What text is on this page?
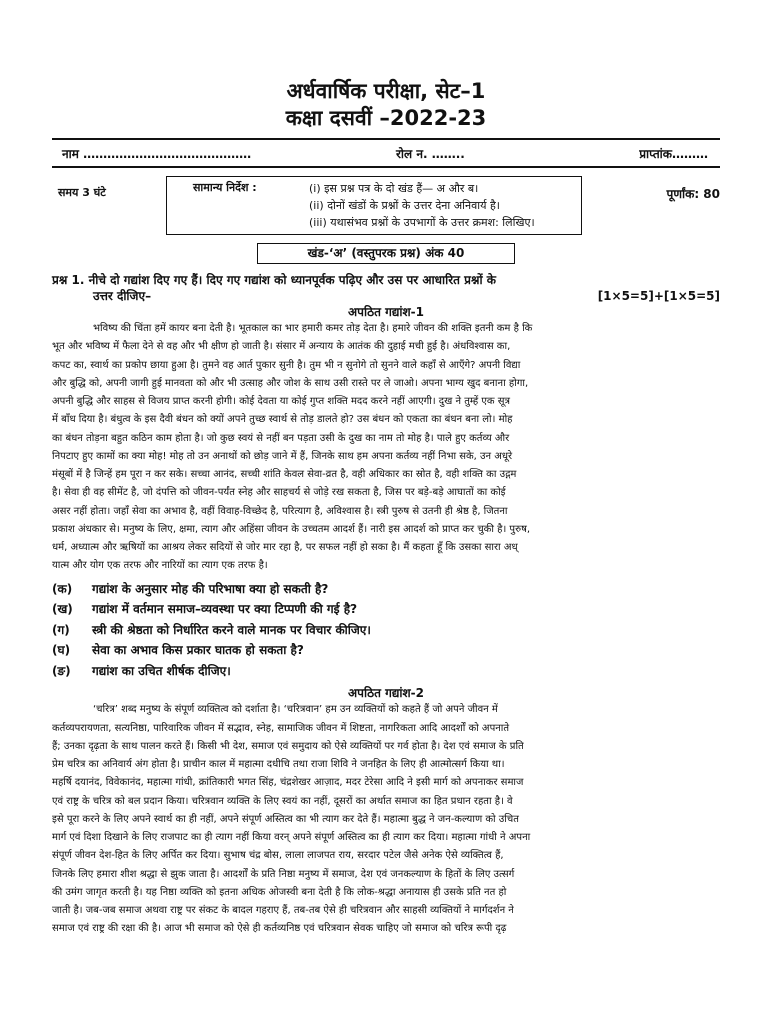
अर्धवार्षिक परीक्षा, सेट–1
कक्षा दसवीं –2022-23
नाम ……………………………………	रोल न. ……..	प्राप्तांक………
समय 3 घंटे	सामान्य निर्देश :	(i) इस प्रश्न पत्र के दो खंड हैं— अ और ब।
(ii) दोनों खंडों के प्रश्नों के उत्तर देना अनिवार्य है।
(iii) यथासंभव प्रश्नों के उपभागों के उत्तर क्रमश: लिखिए।
पूर्णांक: 80
खंड-‘अ’ (वस्तुपरक प्रश्न) अंक 40
प्रश्न 1. नीचे दो गद्यांश दिए गए हैं। दिए गए गद्यांश को ध्यानपूर्वक पढ़िए और उस पर आधारित प्रश्नों के
उत्तर दीजिए–	[1×5=5]+[1×5=5]
अपठित गद्यांश-1
भविष्य की चिंता हमें कायर बना देती है। भूतकाल का भार हमारी कमर तोड़ देता है। हमारे जीवन की शक्ति इतनी कम है कि
भूत और भविष्य में फैला देने से वह और भी क्षीण हो जाती है। संसार में अन्याय के आतंक की दुहाई मची हुई है। अंधविश्वास का,
कपट का, स्वार्थ का प्रकोप छाया हुआ है। तुमने वह आर्त पुकार सुनी है। तुम भी न सुनोगे तो सुनने वाले कहाँ से आएँगे? अपनी विद्या
और बुद्धि को, अपनी जागी हुई मानवता को और भी उत्साह और जोश के साथ उसी रास्ते पर ले जाओ। अपना भाग्य खुद बनाना होगा,
अपनी बुद्धि और साहस से विजय प्राप्त करनी होगी। कोई देवता या कोई गुप्त शक्ति मदद करने नहीं आएगी। दुख ने तुम्हें एक सूत्र
में बाँध दिया है। बंधुत्व के इस दैवी बंधन को क्यों अपने तुच्छ स्वार्थ से तोड़ डालते हो? उस बंधन को एकता का बंधन बना लो। मोह
का बंधन तोड़ना बहुत कठिन काम होता है। जो कुछ स्वयं से नहीं बन पड़ता उसी के दुख का नाम तो मोह है। पाले हुए कर्तव्य और
निपटाए हुए कामों का क्या मोह! मोह तो उन अनाथों को छोड़ जाने में हैं, जिनके साथ हम अपना कर्तव्य नहीं निभा सके, उन अधूरे
मंसूबों में है जिन्हें हम पूरा न कर सके। सच्चा आनंद, सच्ची शांति केवल सेवा-व्रत है, वही अधिकार का स्रोत है, वही शक्ति का उद्गम
है। सेवा ही वह सीमेंट है, जो दंपत्ति को जीवन-पर्यंत स्नेह और साहचर्य से जोड़े रख सकता है, जिस पर बड़े-बड़े आघातों का कोई
असर नहीं होता। जहाँ सेवा का अभाव है, वहीं विवाह-विच्छेद है, परित्याग है, अविश्वास है। स्त्री पुरुष से उतनी ही श्रेष्ठ है, जितना
प्रकाश अंधकार से। मनुष्य के लिए, क्षमा, त्याग और अहिंसा जीवन के उच्चतम आदर्श हैं। नारी इस आदर्श को प्राप्त कर चुकी है। पुरुष,
धर्म, अध्यात्म और ऋषियों का आश्रय लेकर सदियों से जोर मार रहा है, पर सफल नहीं हो सका है। मैं कहता हूँ कि उसका सारा अध्
यात्म और योग एक तरफ और नारियों का त्याग एक तरफ है।
(क)	गद्यांश के अनुसार मोह की परिभाषा क्या हो सकती है?
(ख)	गद्यांश में वर्तमान समाज–व्यवस्था पर क्या टिप्पणी की गई है?
(ग)	स्त्री की श्रेष्ठता को निर्धारित करने वाले मानक पर विचार कीजिए।
(घ)	सेवा का अभाव किस प्रकार घातक हो सकता है?
(ङ)	गद्यांश का उचित शीर्षक दीजिए।
अपठित गद्यांश-2
‘चरित्र’ शब्द मनुष्य के संपूर्ण व्यक्तित्व को दर्शाता है। ‘चरित्रवान’ हम उन व्यक्तियों को कहते हैं जो अपने जीवन में
कर्तव्यपरायणता, सत्यनिष्ठा, पारिवारिक जीवन में सद्भाव, स्नेह, सामाजिक जीवन में शिष्टता, नागरिकता आदि आदर्शों को अपनाते
हैं; उनका दृढ़ता के साथ पालन करते हैं। किसी भी देश, समाज एवं समुदाय को ऐसे व्यक्तियों पर गर्व होता है। देश एवं समाज के प्रति
प्रेम चरित्र का अनिवार्य अंग होता है। प्राचीन काल में महात्मा दधीचि तथा राजा शिवि ने जनहित के लिए ही आत्मोत्सर्ग किया था।
महर्षि दयानंद, विवेकानंद, महात्मा गांधी, क्रांतिकारी भगत सिंह, चंद्रशेखर आज़ाद, मदर टेरेसा आदि ने इसी मार्ग को अपनाकर समाज
एवं राष्ट्र के चरित्र को बल प्रदान किया। चरित्रवान व्यक्ति के लिए स्वयं का नहीं, दूसरों का अर्थात समाज का हित प्रधान रहता है। वे
इसे पूरा करने के लिए अपने स्वार्थ का ही नहीं, अपने संपूर्ण अस्तित्व का भी त्याग कर देते हैं। महात्मा बुद्ध ने जन-कल्याण को उचित
मार्ग एवं दिशा दिखाने के लिए राजपाट का ही त्याग नहीं किया वरन् अपने संपूर्ण अस्तित्व का ही त्याग कर दिया। महात्मा गांधी ने अपना
संपूर्ण जीवन देश-हित के लिए अर्पित कर दिया। सुभाष चंद्र बोस, लाला लाजपत राय, सरदार पटेल जैसे अनेक ऐसे व्यक्तित्व हैं,
जिनके लिए हमारा शीश श्रद्धा से झुक जाता है। आदर्शों के प्रति निष्ठा मनुष्य में समाज, देश एवं जनकल्याण के हितों के लिए उत्सर्ग
की उमंग जागृत करती है। यह निष्ठा व्यक्ति को इतना अधिक ओजस्वी बना देती है कि लोक-श्रद्धा अनायास ही उसके प्रति नत हो
जाती है। जब-जब समाज अथवा राष्ट्र पर संकट के बादल गहराए हैं, तब-तब ऐसे ही चरित्रवान और साहसी व्यक्तियों ने मार्गदर्शन ने
समाज एवं राष्ट्र की रक्षा की है। आज भी समाज को ऐसे ही कर्तव्यनिष्ठ एवं चरित्रवान सेवक चाहिए जो समाज को चरित्र रूपी दृढ़
